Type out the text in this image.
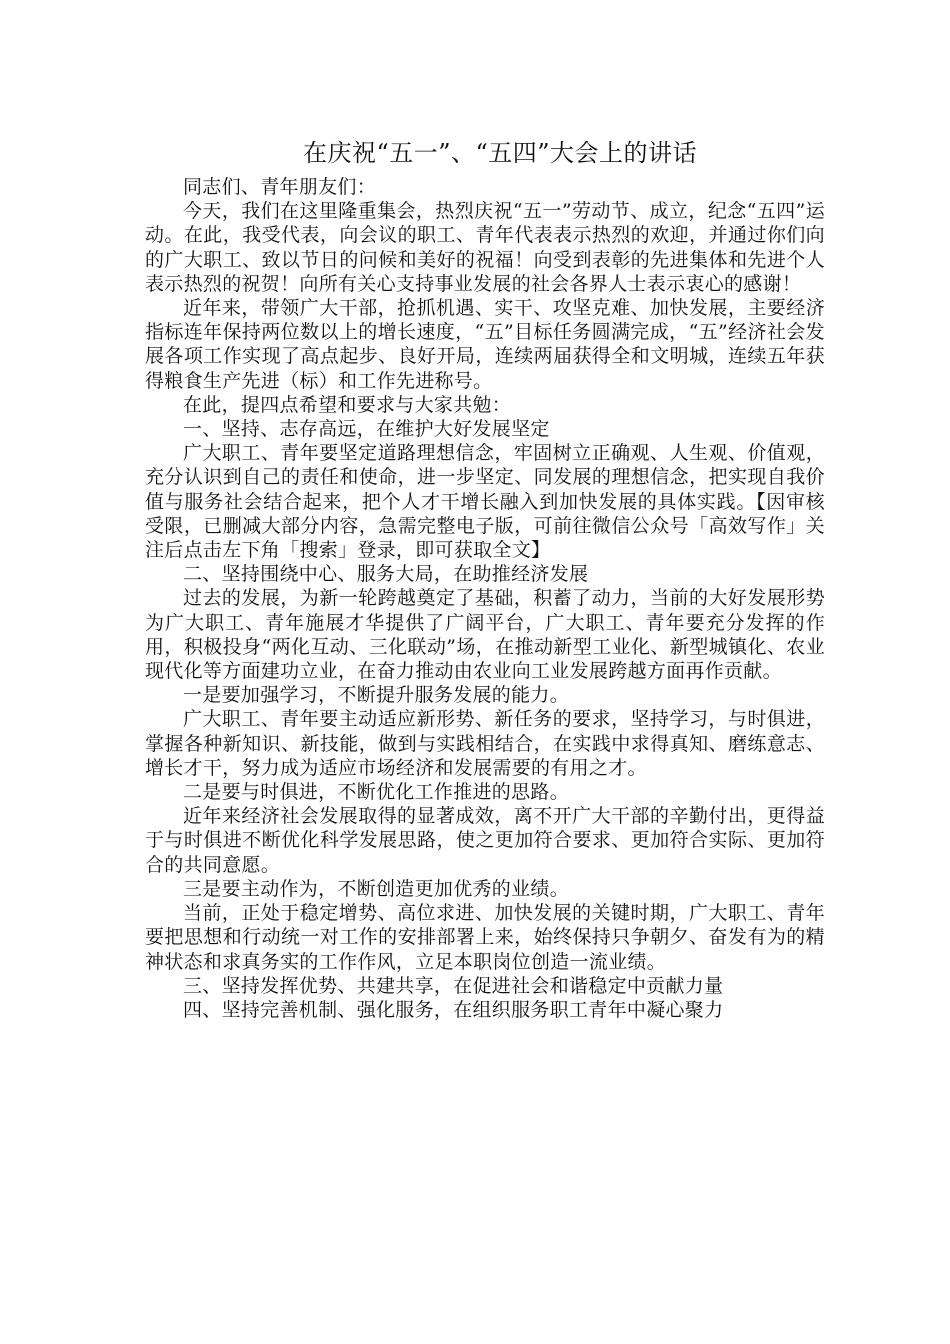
在庆祝“五一”、“五四”大会上的讲话

同志们、青年朋友们：

今天，我们在这里隆重集会，热烈庆祝“五一”劳动节、成立，纪念“五四”运动。在此，我受代表，向会议的职工、青年代表表示热烈的欢迎，并通过你们向的广大职工、致以节日的问候和美好的祝福！向受到表彰的先进集体和先进个人表示热烈的祝贺！向所有关心支持事业发展的社会各界人士表示衷心的感谢！

近年来，带领广大干部，抢抓机遇、实干、攻坚克难、加快发展，主要经济指标连年保持两位数以上的增长速度，“五”目标任务圆满完成，“五”经济社会发展各项工作实现了高点起步、良好开局，连续两届获得全和文明城，连续五年获得粮食生产先进（标）和工作先进称号。

在此，提四点希望和要求与大家共勉：

一、坚持、志存高远，在维护大好发展坚定

广大职工、青年要坚定道路理想信念，牢固树立正确观、人生观、价值观，充分认识到自己的责任和使命，进一步坚定、同发展的理想信念，把实现自我价值与服务社会结合起来，把个人才干增长融入到加快发展的具体实践。【因审核受限，已删减大部分内容，急需完整电子版，可前往微信公众号「高效写作」关注后点击左下角「搜索」登录，即可获取全文】

二、坚持围绕中心、服务大局，在助推经济发展

过去的发展，为新一轮跨越奠定了基础，积蓄了动力，当前的大好发展形势为广大职工、青年施展才华提供了广阔平台，广大职工、青年要充分发挥的作用，积极投身“两化互动、三化联动”场，在推动新型工业化、新型城镇化、农业现代化等方面建功立业，在奋力推动由农业向工业发展跨越方面再作贡献。

一是要加强学习，不断提升服务发展的能力。

广大职工、青年要主动适应新形势、新任务的要求，坚持学习，与时俱进，掌握各种新知识、新技能，做到与实践相结合，在实践中求得真知、磨练意志、增长才干，努力成为适应市场经济和发展需要的有用之才。

二是要与时俱进，不断优化工作推进的思路。

近年来经济社会发展取得的显著成效，离不开广大干部的辛勤付出，更得益于与时俱进不断优化科学发展思路，使之更加符合要求、更加符合实际、更加符合的共同意愿。

三是要主动作为，不断创造更加优秀的业绩。

当前，正处于稳定增势、高位求进、加快发展的关键时期，广大职工、青年要把思想和行动统一对工作的安排部署上来，始终保持只争朝夕、奋发有为的精神状态和求真务实的工作作风，立足本职岗位创造一流业绩。

三、坚持发挥优势、共建共享，在促进社会和谐稳定中贡献力量

四、坚持完善机制、强化服务，在组织服务职工青年中凝心聚力
